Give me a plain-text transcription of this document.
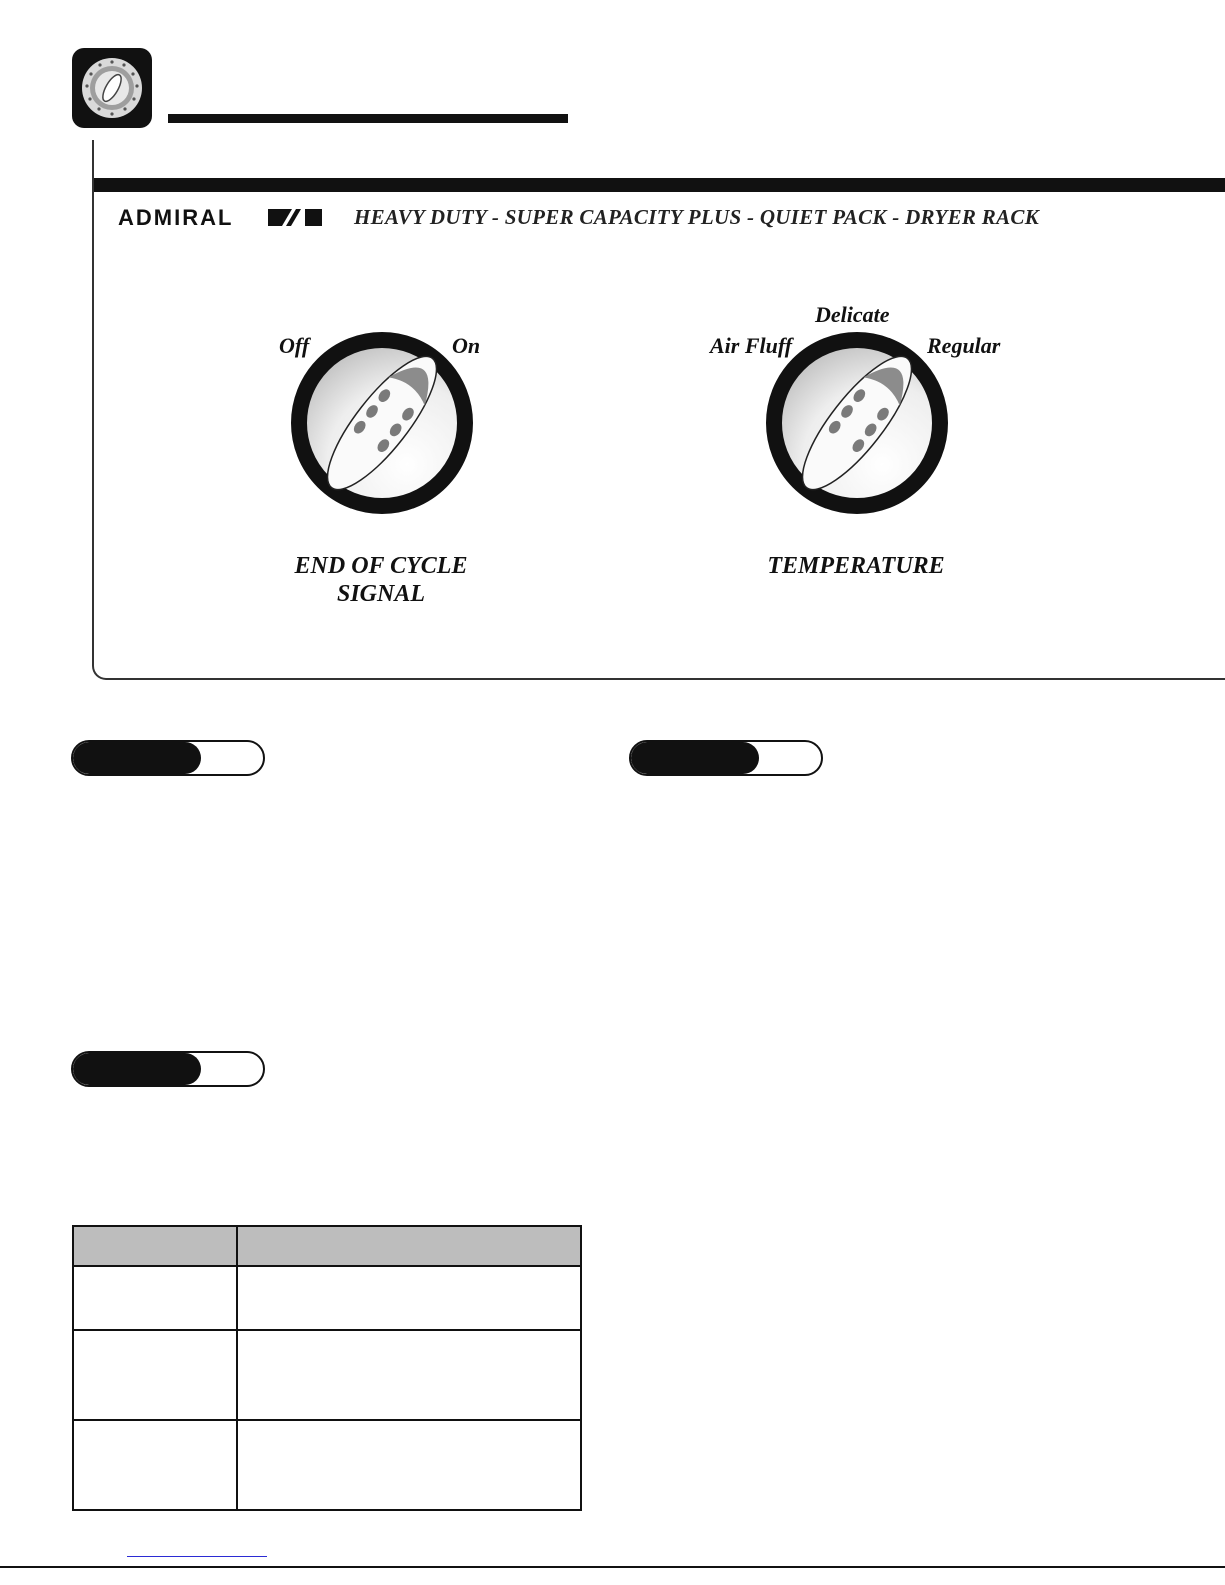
ADMIRAL	HEAVY DUTY - SUPER CAPACITY PLUS - QUIET PACK - DRYER RACK
Off	On
END OF CYCLE
SIGNAL
Delicate
Air Fluff	Regular
TEMPERATURE
